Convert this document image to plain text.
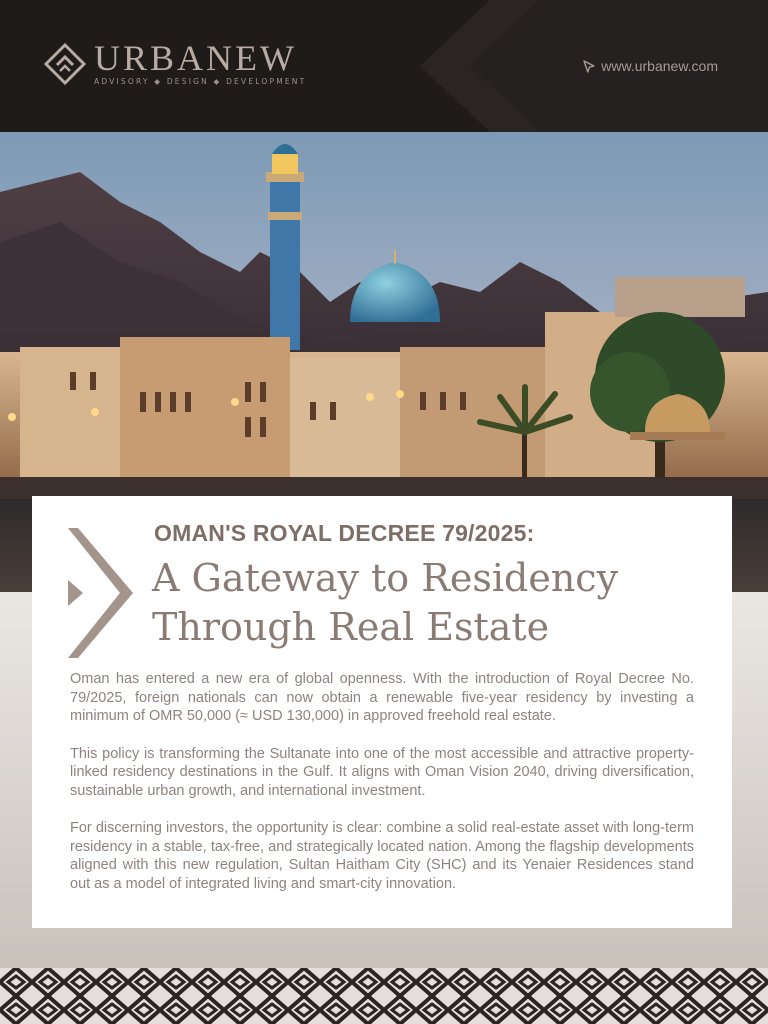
URBANEW
ADVISORY ◆ DESIGN ◆ DEVELOPMENT
www.urbanew.com
OMAN'S ROYAL DECREE 79/2025:
A Gateway to Residency
Through Real Estate

Oman has entered a new era of global openness. With the introduction of Royal Decree No. 79/2025, foreign nationals can now obtain a renewable five-year residency by investing a minimum of OMR 50,000 (≈ USD 130,000) in approved freehold real estate.

This policy is transforming the Sultanate into one of the most accessible and attractive property-linked residency destinations in the Gulf. It aligns with Oman Vision 2040, driving diversification, sustainable urban growth, and international investment.

For discerning investors, the opportunity is clear: combine a solid real-estate asset with long-term residency in a stable, tax-free, and strategically located nation. Among the flagship developments aligned with this new regulation, Sultan Haitham City (SHC) and its Yenaier Residences stand out as a model of integrated living and smart-city innovation.
